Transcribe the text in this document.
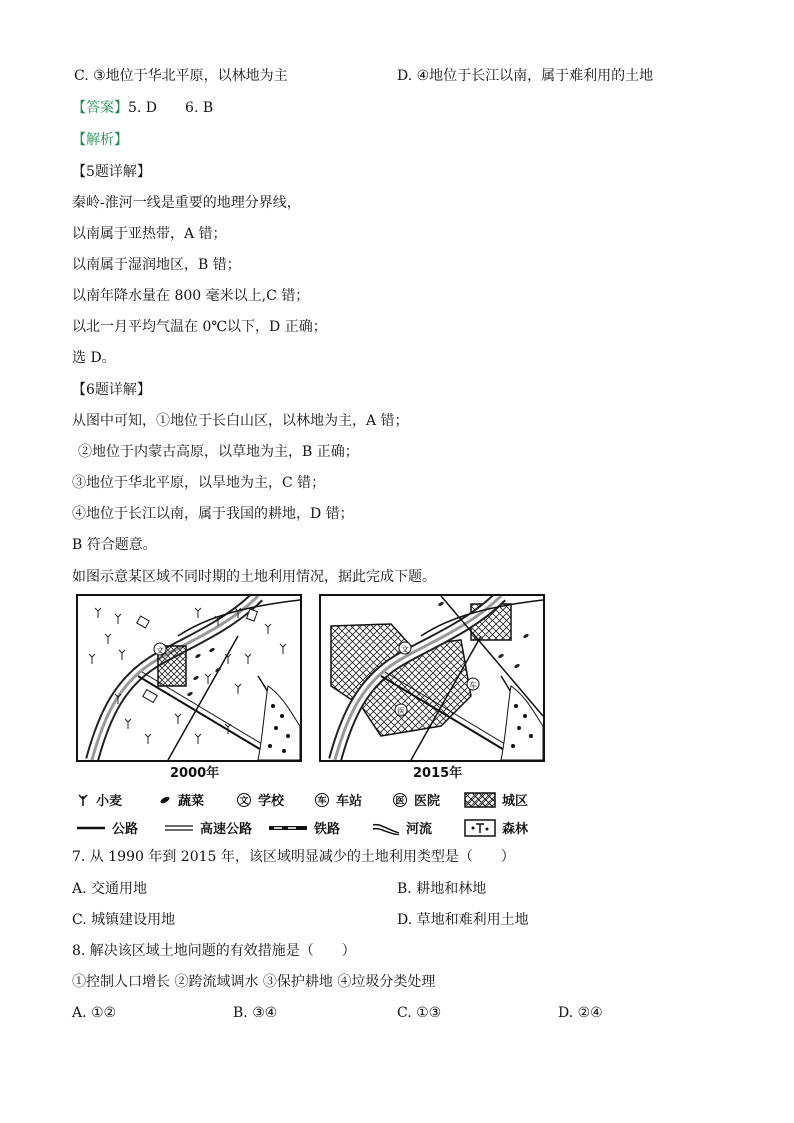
C. ③地位于华北平原，以林地为主	D. ④地位于长江以南，属于难利用的土地
【答案】5. D　　6. B
【解析】
【5题详解】
秦岭-淮河一线是重要的地理分界线，
以南属于亚热带，A 错；
以南属于湿润地区，B 错；
以南年降水量在 800 毫米以上,C 错；
以北一月平均气温在 0℃以下，D 正确；
选 D。
【6题详解】
从图中可知，①地位于长白山区，以林地为主，A 错；
②地位于内蒙古高原，以草地为主，B 正确；
③地位于华北平原，以旱地为主，C 错；
④地位于长江以南，属于我国的耕地，D 错；
B 符合题意。
如图示意某区域不同时期的土地利用情况，据此完成下题。
文
2000年
文
车
医
2015年
小麦	蔬菜	文 学校	车 车站	医 医院	城区
公路	高速公路	铁路	河流	森林
7. 从 1990 年到 2015 年，该区域明显减少的土地利用类型是（　　）
A. 交通用地	B. 耕地和林地
C. 城镇建设用地	D. 草地和难利用土地
8. 解决该区域土地问题的有效措施是（　　）
①控制人口增长 ②跨流域调水 ③保护耕地 ④垃圾分类处理
A. ①②	B. ③④	C. ①③	D. ②④
